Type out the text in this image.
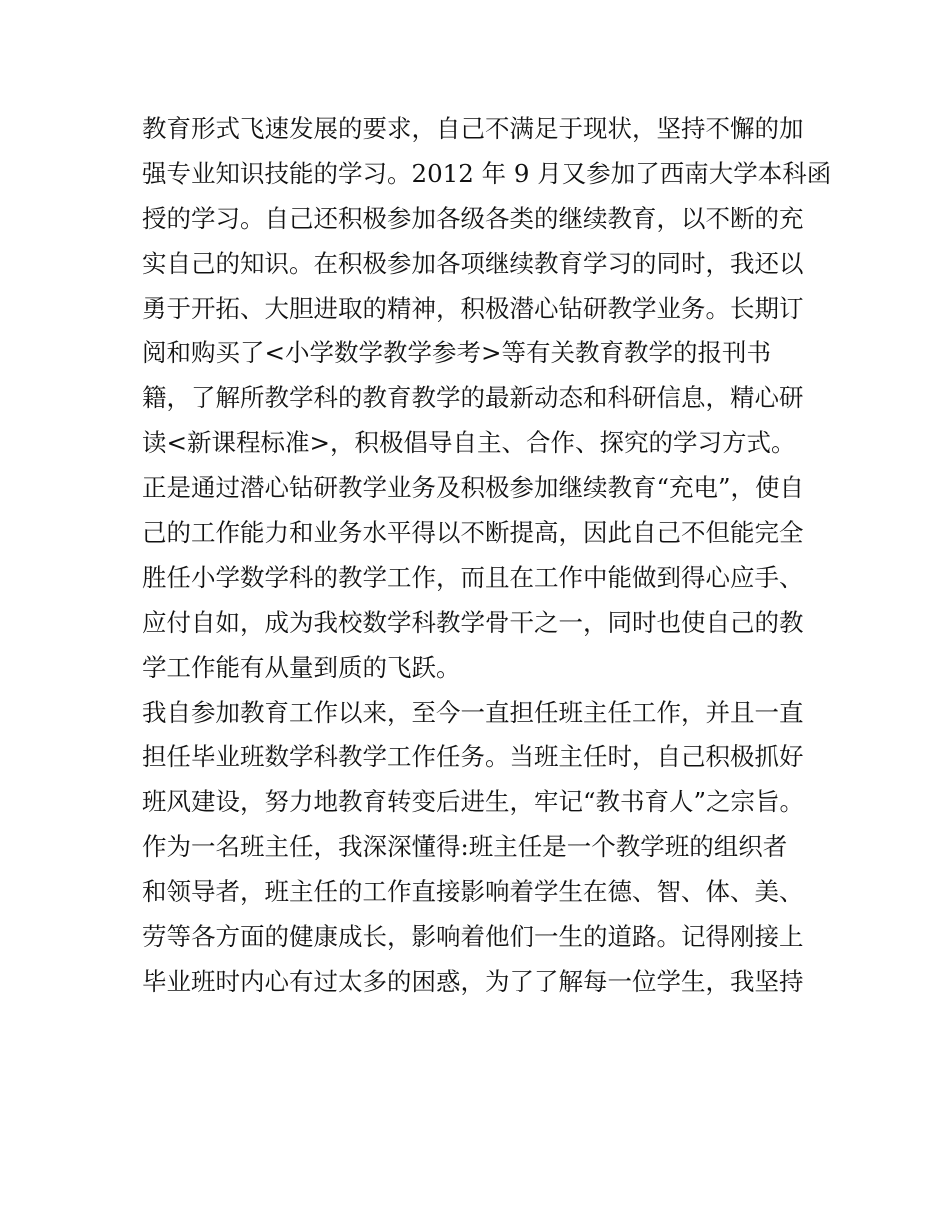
教育形式飞速发展的要求，自己不满足于现状，坚持不懈的加
强专业知识技能的学习。2012 年 9 月又参加了西南大学本科函
授的学习。自己还积极参加各级各类的继续教育，以不断的充
实自己的知识。在积极参加各项继续教育学习的同时，我还以
勇于开拓、大胆进取的精神，积极潜心钻研教学业务。长期订
阅和购买了<小学数学教学参考>等有关教育教学的报刊书
籍，了解所教学科的教育教学的最新动态和科研信息，精心研
读<新课程标准>，积极倡导自主、合作、探究的学习方式。
正是通过潜心钻研教学业务及积极参加继续教育“充电”，使自
己的工作能力和业务水平得以不断提高，因此自己不但能完全
胜任小学数学科的教学工作，而且在工作中能做到得心应手、
应付自如，成为我校数学科教学骨干之一，同时也使自己的教
学工作能有从量到质的飞跃。
我自参加教育工作以来，至今一直担任班主任工作，并且一直
担任毕业班数学科教学工作任务。当班主任时，自己积极抓好
班风建设，努力地教育转变后进生，牢记“教书育人”之宗旨。
作为一名班主任，我深深懂得:班主任是一个教学班的组织者
和领导者，班主任的工作直接影响着学生在德、智、体、美、
劳等各方面的健康成长，影响着他们一生的道路。记得刚接上
毕业班时内心有过太多的困惑，为了了解每一位学生，我坚持
